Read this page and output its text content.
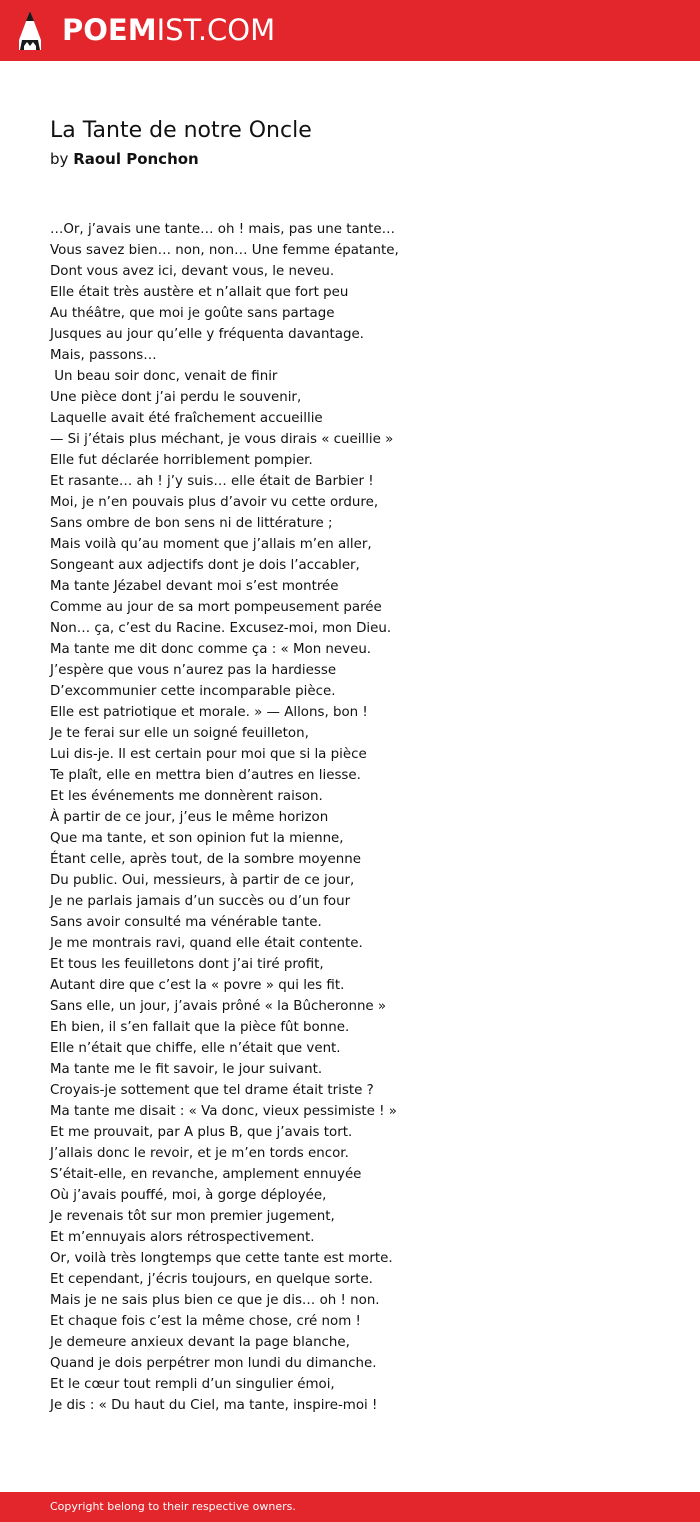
POEMIST.COM
La Tante de notre Oncle
by Raoul Ponchon
…Or, j’avais une tante… oh ! mais, pas une tante…
Vous savez bien… non, non… Une femme épatante,
Dont vous avez ici, devant vous, le neveu.
Elle était très austère et n’allait que fort peu
Au théâtre, que moi je goûte sans partage
Jusques au jour qu’elle y fréquenta davantage.
Mais, passons…
Un beau soir donc, venait de finir
Une pièce dont j’ai perdu le souvenir,
Laquelle avait été fraîchement accueillie
— Si j’étais plus méchant, je vous dirais « cueillie »
Elle fut déclarée horriblement pompier.
Et rasante… ah ! j’y suis… elle était de Barbier !
Moi, je n’en pouvais plus d’avoir vu cette ordure,
Sans ombre de bon sens ni de littérature ;
Mais voilà qu’au moment que j’allais m’en aller,
Songeant aux adjectifs dont je dois l’accabler,
Ma tante Jézabel devant moi s’est montrée
Comme au jour de sa mort pompeusement parée
Non… ça, c’est du Racine. Excusez-moi, mon Dieu.
Ma tante me dit donc comme ça : « Mon neveu.
J’espère que vous n’aurez pas la hardiesse
D’excommunier cette incomparable pièce.
Elle est patriotique et morale. » — Allons, bon !
Je te ferai sur elle un soigné feuilleton,
Lui dis-je. Il est certain pour moi que si la pièce
Te plaît, elle en mettra bien d’autres en liesse.
Et les événements me donnèrent raison.
À partir de ce jour, j’eus le même horizon
Que ma tante, et son opinion fut la mienne,
Étant celle, après tout, de la sombre moyenne
Du public. Oui, messieurs, à partir de ce jour,
Je ne parlais jamais d’un succès ou d’un four
Sans avoir consulté ma vénérable tante.
Je me montrais ravi, quand elle était contente.
Et tous les feuilletons dont j’ai tiré profit,
Autant dire que c’est la « povre » qui les fit.
Sans elle, un jour, j’avais prôné « la Bûcheronne »
Eh bien, il s’en fallait que la pièce fût bonne.
Elle n’était que chiffe, elle n’était que vent.
Ma tante me le fit savoir, le jour suivant.
Croyais-je sottement que tel drame était triste ?
Ma tante me disait : « Va donc, vieux pessimiste ! »
Et me prouvait, par A plus B, que j’avais tort.
J’allais donc le revoir, et je m’en tords encor.
S’était-elle, en revanche, amplement ennuyée
Où j’avais pouffé, moi, à gorge déployée,
Je revenais tôt sur mon premier jugement,
Et m’ennuyais alors rétrospectivement.
Or, voilà très longtemps que cette tante est morte.
Et cependant, j’écris toujours, en quelque sorte.
Mais je ne sais plus bien ce que je dis… oh ! non.
Et chaque fois c’est la même chose, cré nom !
Je demeure anxieux devant la page blanche,
Quand je dois perpétrer mon lundi du dimanche.
Et le cœur tout rempli d’un singulier émoi,
Je dis : « Du haut du Ciel, ma tante, inspire-moi !
Copyright belong to their respective owners.
